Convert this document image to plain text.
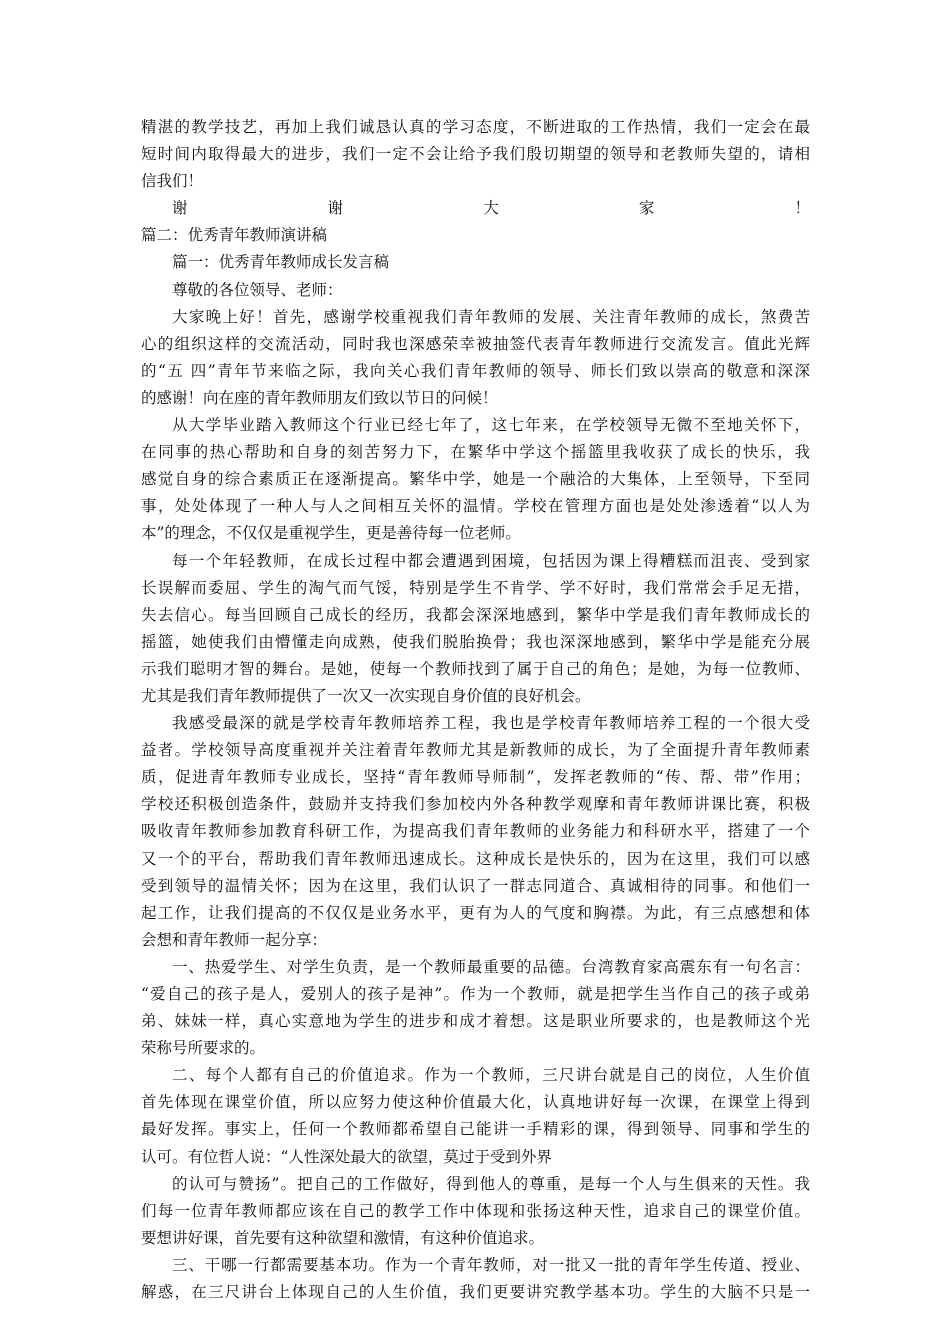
精湛的教学技艺，再加上我们诚恳认真的学习态度，不断进取的工作热情，我们一定会在最
短时间内取得最大的进步，我们一定不会让给予我们殷切期望的领导和老教师失望的，请相
信我们！
谢	谢	大	家	！
篇二：优秀青年教师演讲稿
篇一：优秀青年教师成长发言稿
尊敬的各位领导、老师：
大家晚上好！首先，感谢学校重视我们青年教师的发展、关注青年教师的成长，煞费苦
心的组织这样的交流活动，同时我也深感荣幸被抽签代表青年教师进行交流发言。值此光辉
的“五 四”青年节来临之际，我向关心我们青年教师的领导、师长们致以崇高的敬意和深深
的感谢！向在座的青年教师朋友们致以节日的问候！
从大学毕业踏入教师这个行业已经七年了，这七年来，在学校领导无微不至地关怀下，
在同事的热心帮助和自身的刻苦努力下，在繁华中学这个摇篮里我收获了成长的快乐，我
感觉自身的综合素质正在逐渐提高。繁华中学，她是一个融洽的大集体，上至领导，下至同
事，处处体现了一种人与人之间相互关怀的温情。学校在管理方面也是处处渗透着“以人为
本”的理念，不仅仅是重视学生，更是善待每一位老师。
每一个年轻教师，在成长过程中都会遭遇到困境，包括因为课上得糟糕而沮丧、受到家
长误解而委屈、学生的淘气而气馁，特别是学生不肯学、学不好时，我们常常会手足无措，
失去信心。每当回顾自己成长的经历，我都会深深地感到，繁华中学是我们青年教师成长的
摇篮，她使我们由懵懂走向成熟，使我们脱胎换骨；我也深深地感到，繁华中学是能充分展
示我们聪明才智的舞台。是她，使每一个教师找到了属于自己的角色；是她，为每一位教师、
尤其是我们青年教师提供了一次又一次实现自身价值的良好机会。
我感受最深的就是学校青年教师培养工程，我也是学校青年教师培养工程的一个很大受
益者。学校领导高度重视并关注着青年教师尤其是新教师的成长，为了全面提升青年教师素
质，促进青年教师专业成长，坚持“青年教师导师制”，发挥老教师的“传、帮、带”作用；
学校还积极创造条件，鼓励并支持我们参加校内外各种教学观摩和青年教师讲课比赛，积极
吸收青年教师参加教育科研工作，为提高我们青年教师的业务能力和科研水平，搭建了一个
又一个的平台，帮助我们青年教师迅速成长。这种成长是快乐的，因为在这里，我们可以感
受到领导的温情关怀；因为在这里，我们认识了一群志同道合、真诚相待的同事。和他们一
起工作，让我们提高的不仅仅是业务水平，更有为人的气度和胸襟。为此，有三点感想和体
会想和青年教师一起分享：
一、热爱学生、对学生负责，是一个教师最重要的品德。台湾教育家高震东有一句名言：
“爱自己的孩子是人，爱别人的孩子是神”。作为一个教师，就是把学生当作自己的孩子或弟
弟、妹妹一样，真心实意地为学生的进步和成才着想。这是职业所要求的，也是教师这个光
荣称号所要求的。
二、每个人都有自己的价值追求。作为一个教师，三尺讲台就是自己的岗位，人生价值
首先体现在课堂价值，所以应努力使这种价值最大化，认真地讲好每一次课，在课堂上得到
最好发挥。事实上，任何一个教师都希望自己能讲一手精彩的课，得到领导、同事和学生的
认可。有位哲人说：“人性深处最大的欲望，莫过于受到外界
的认可与赞扬”。把自己的工作做好，得到他人的尊重，是每一个人与生俱来的天性。我
们每一位青年教师都应该在自己的教学工作中体现和张扬这种天性，追求自己的课堂价值。
要想讲好课，首先要有这种欲望和激情，有这种价值追求。
三、干哪一行都需要基本功。作为一个青年教师，对一批又一批的青年学生传道、授业、
解惑，在三尺讲台上体现自己的人生价值，我们更要讲究教学基本功。学生的大脑不只是一
